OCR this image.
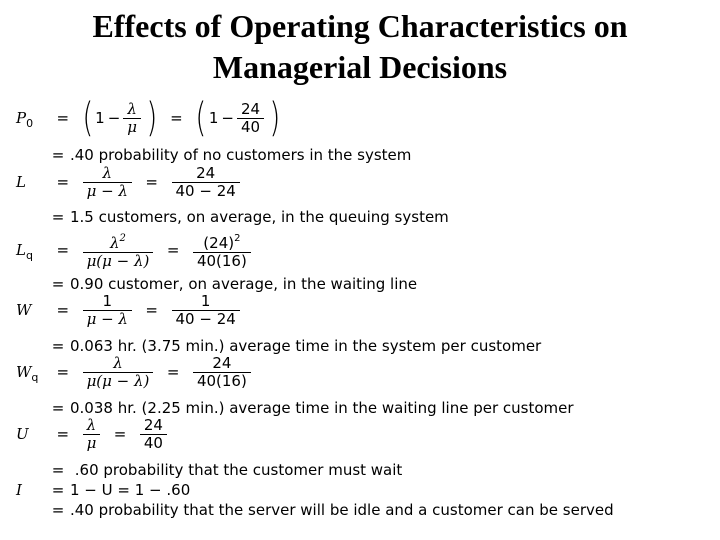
Effects of Operating Characteristics on
Managerial Decisions
$P_0$ = ( $1 - \frac{\lambda}{\mu}$ ) = ( $1 - \frac{24}{40}$ )
= .40 probability of no customers in the system
$L = \frac{\lambda}{\mu - \lambda} = \frac{24}{40 - 24}$
= 1.5 customers, on average, in the queuing system
$L_q = \frac{\lambda^2}{\mu(\mu - \lambda)} = \frac{(24)^2}{40(16)}$
= 0.90 customer, on average, in the waiting line
$W = \frac{1}{\mu - \lambda} = \frac{1}{40 - 24}$
= 0.063 hr. (3.75 min.) average time in the system per customer
$W_q = \frac{\lambda}{\mu(\mu - \lambda)} = \frac{24}{40(16)}$
= 0.038 hr. (2.25 min.) average time in the waiting line per customer
$U = \frac{\lambda}{\mu} = \frac{24}{40}$
= .60 probability that the customer must wait
I = 1 − U = 1 − .60
= .40 probability that the server will be idle and a customer can be served
